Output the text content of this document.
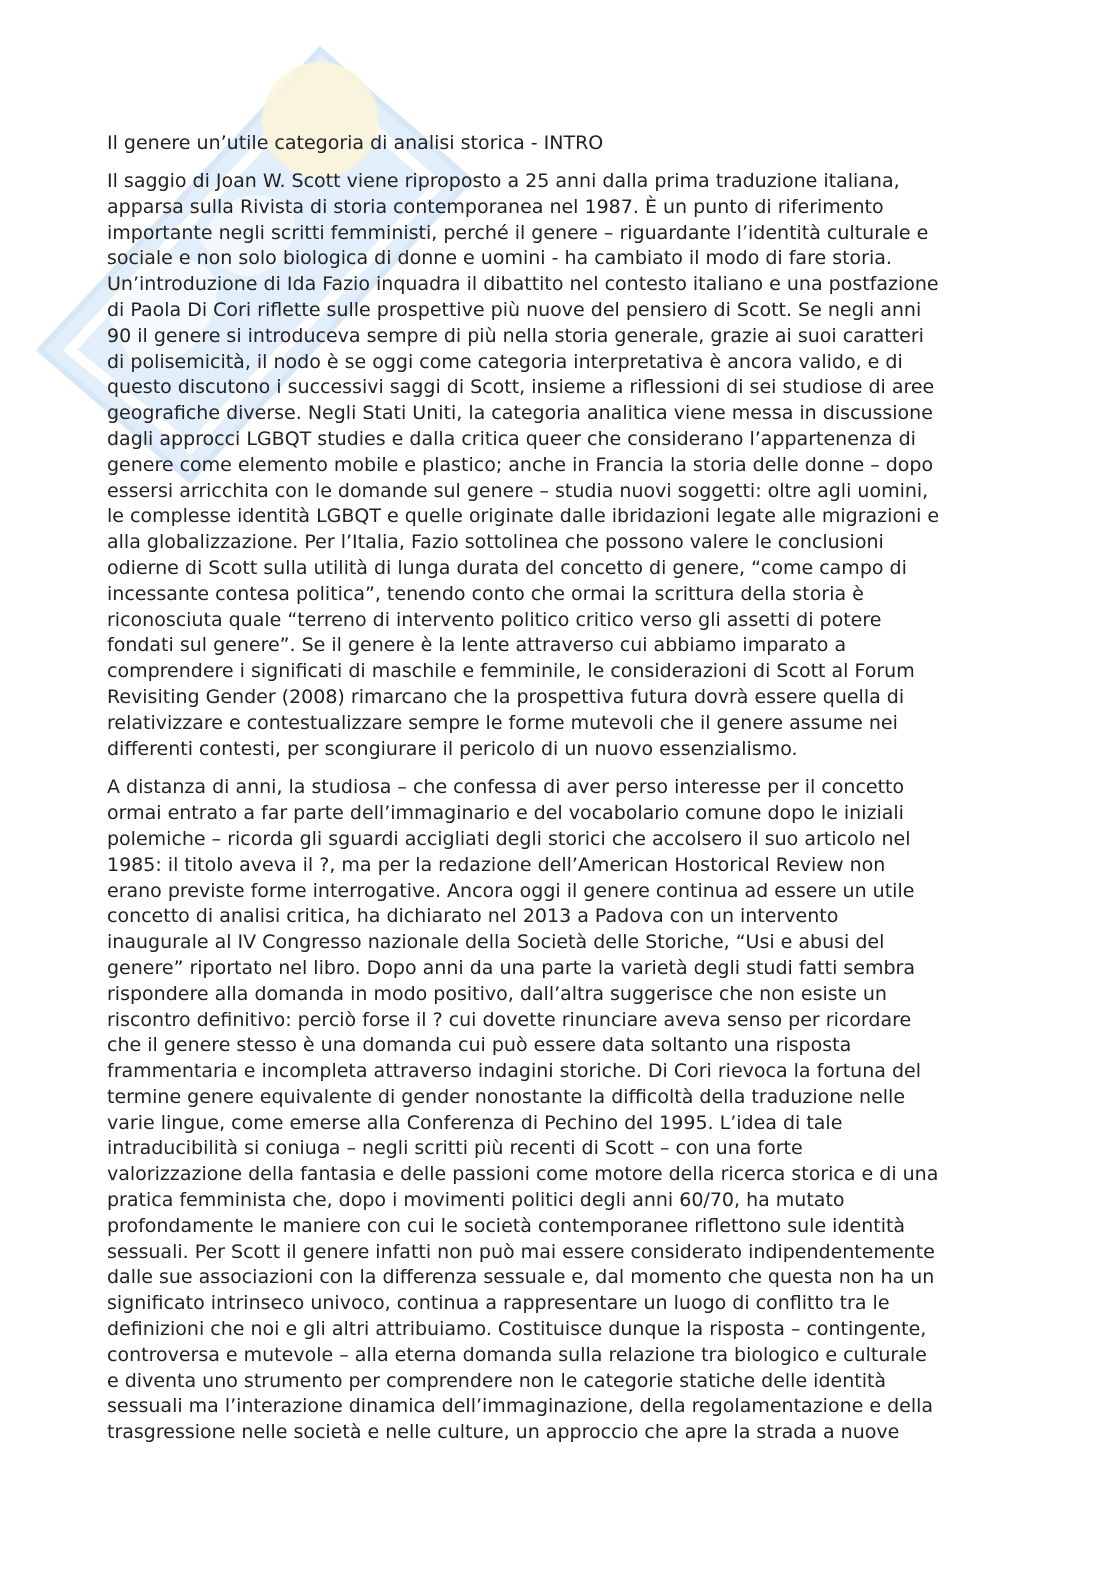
Il genere un’utile categoria di analisi storica - INTRO
Il saggio di Joan W. Scott viene riproposto a 25 anni dalla prima traduzione italiana,
apparsa sulla Rivista di storia contemporanea nel 1987. È un punto di riferimento
importante negli scritti femministi, perché il genere – riguardante l’identità culturale e
sociale e non solo biologica di donne e uomini - ha cambiato il modo di fare storia.
Un’introduzione di Ida Fazio inquadra il dibattito nel contesto italiano e una postfazione
di Paola Di Cori riflette sulle prospettive più nuove del pensiero di Scott. Se negli anni
90 il genere si introduceva sempre di più nella storia generale, grazie ai suoi caratteri
di polisemicità, il nodo è se oggi come categoria interpretativa è ancora valido, e di
questo discutono i successivi saggi di Scott, insieme a riflessioni di sei studiose di aree
geografiche diverse. Negli Stati Uniti, la categoria analitica viene messa in discussione
dagli approcci LGBQT studies e dalla critica queer che considerano l’appartenenza di
genere come elemento mobile e plastico; anche in Francia la storia delle donne – dopo
essersi arricchita con le domande sul genere – studia nuovi soggetti: oltre agli uomini,
le complesse identità LGBQT e quelle originate dalle ibridazioni legate alle migrazioni e
alla globalizzazione. Per l’Italia, Fazio sottolinea che possono valere le conclusioni
odierne di Scott sulla utilità di lunga durata del concetto di genere, “come campo di
incessante contesa politica”, tenendo conto che ormai la scrittura della storia è
riconosciuta quale “terreno di intervento politico critico verso gli assetti di potere
fondati sul genere”. Se il genere è la lente attraverso cui abbiamo imparato a
comprendere i significati di maschile e femminile, le considerazioni di Scott al Forum
Revisiting Gender (2008) rimarcano che la prospettiva futura dovrà essere quella di
relativizzare e contestualizzare sempre le forme mutevoli che il genere assume nei
differenti contesti, per scongiurare il pericolo di un nuovo essenzialismo.
A distanza di anni, la studiosa – che confessa di aver perso interesse per il concetto
ormai entrato a far parte dell’immaginario e del vocabolario comune dopo le iniziali
polemiche – ricorda gli sguardi accigliati degli storici che accolsero il suo articolo nel
1985: il titolo aveva il ?, ma per la redazione dell’American Hostorical Review non
erano previste forme interrogative. Ancora oggi il genere continua ad essere un utile
concetto di analisi critica, ha dichiarato nel 2013 a Padova con un intervento
inaugurale al IV Congresso nazionale della Società delle Storiche, “Usi e abusi del
genere” riportato nel libro. Dopo anni da una parte la varietà degli studi fatti sembra
rispondere alla domanda in modo positivo, dall’altra suggerisce che non esiste un
riscontro definitivo: perciò forse il ? cui dovette rinunciare aveva senso per ricordare
che il genere stesso è una domanda cui può essere data soltanto una risposta
frammentaria e incompleta attraverso indagini storiche. Di Cori rievoca la fortuna del
termine genere equivalente di gender nonostante la difficoltà della traduzione nelle
varie lingue, come emerse alla Conferenza di Pechino del 1995. L’idea di tale
intraducibilità si coniuga – negli scritti più recenti di Scott – con una forte
valorizzazione della fantasia e delle passioni come motore della ricerca storica e di una
pratica femminista che, dopo i movimenti politici degli anni 60/70, ha mutato
profondamente le maniere con cui le società contemporanee riflettono sule identità
sessuali. Per Scott il genere infatti non può mai essere considerato indipendentemente
dalle sue associazioni con la differenza sessuale e, dal momento che questa non ha un
significato intrinseco univoco, continua a rappresentare un luogo di conflitto tra le
definizioni che noi e gli altri attribuiamo. Costituisce dunque la risposta – contingente,
controversa e mutevole – alla eterna domanda sulla relazione tra biologico e culturale
e diventa uno strumento per comprendere non le categorie statiche delle identità
sessuali ma l’interazione dinamica dell’immaginazione, della regolamentazione e della
trasgressione nelle società e nelle culture, un approccio che apre la strada a nuove
